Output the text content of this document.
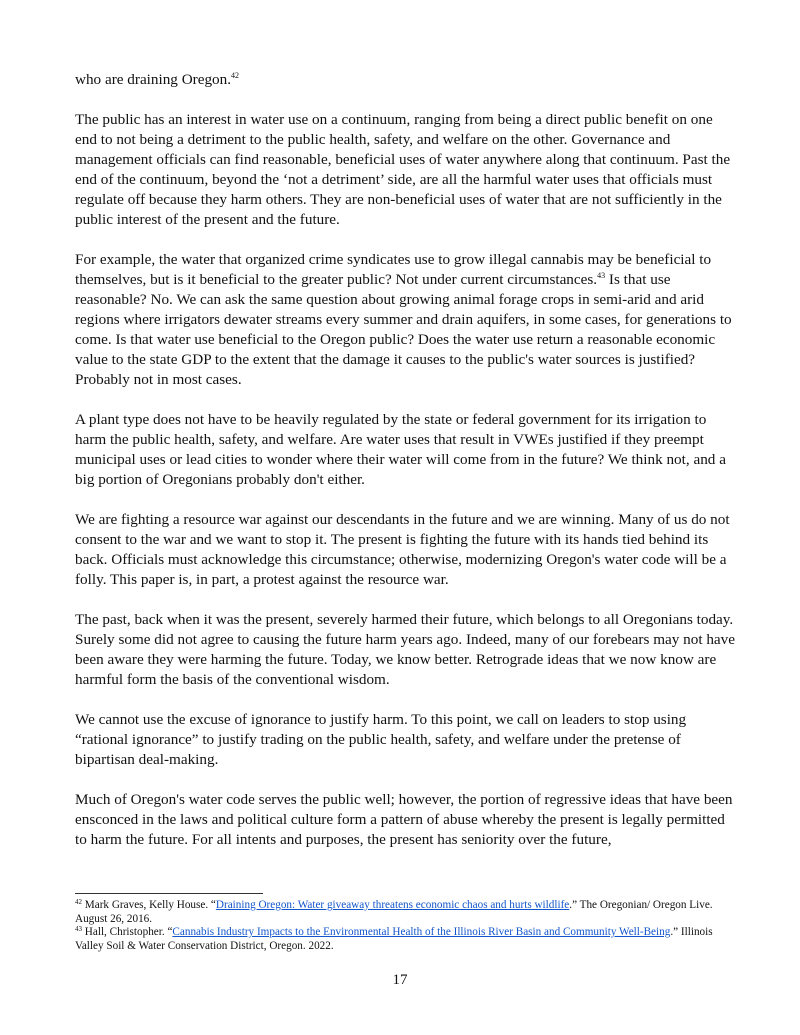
who are draining Oregon.$^{42}$

The public has an interest in water use on a continuum, ranging from being a direct public benefit on one end to not being a detriment to the public health, safety, and welfare on the other. Governance and management officials can find reasonable, beneficial uses of water anywhere along that continuum. Past the end of the continuum, beyond the ‘not a detriment’ side, are all the harmful water uses that officials must regulate off because they harm others. They are non-beneficial uses of water that are not sufficiently in the public interest of the present and the future.

For example, the water that organized crime syndicates use to grow illegal cannabis may be beneficial to themselves, but is it beneficial to the greater public? Not under current circumstances.$^{43}$ Is that use reasonable? No. We can ask the same question about growing animal forage crops in semi-arid and arid regions where irrigators dewater streams every summer and drain aquifers, in some cases, for generations to come. Is that water use beneficial to the Oregon public? Does the water use return a reasonable economic value to the state GDP to the extent that the damage it causes to the public's water sources is justified? Probably not in most cases.

A plant type does not have to be heavily regulated by the state or federal government for its irrigation to harm the public health, safety, and welfare. Are water uses that result in VWEs justified if they preempt municipal uses or lead cities to wonder where their water will come from in the future? We think not, and a big portion of Oregonians probably don't either.

We are fighting a resource war against our descendants in the future and we are winning. Many of us do not consent to the war and we want to stop it. The present is fighting the future with its hands tied behind its back. Officials must acknowledge this circumstance; otherwise, modernizing Oregon's water code will be a folly. This paper is, in part, a protest against the resource war.

The past, back when it was the present, severely harmed their future, which belongs to all Oregonians today. Surely some did not agree to causing the future harm years ago. Indeed, many of our forebears may not have been aware they were harming the future. Today, we know better. Retrograde ideas that we now know are harmful form the basis of the conventional wisdom.

We cannot use the excuse of ignorance to justify harm. To this point, we call on leaders to stop using “rational ignorance” to justify trading on the public health, safety, and welfare under the pretense of bipartisan deal-making.

Much of Oregon's water code serves the public well; however, the portion of regressive ideas that have been ensconced in the laws and political culture form a pattern of abuse whereby the present is legally permitted to harm the future. For all intents and purposes, the present has seniority over the future,

$^{42}$ Mark Graves, Kelly House. “Draining Oregon: Water giveaway threatens economic chaos and hurts wildlife.” The Oregonian/ Oregon Live. August 26, 2016.

$^{43}$ Hall, Christopher. “Cannabis Industry Impacts to the Environmental Health of the Illinois River Basin and Community Well-Being.” Illinois Valley Soil & Water Conservation District, Oregon. 2022.

17
